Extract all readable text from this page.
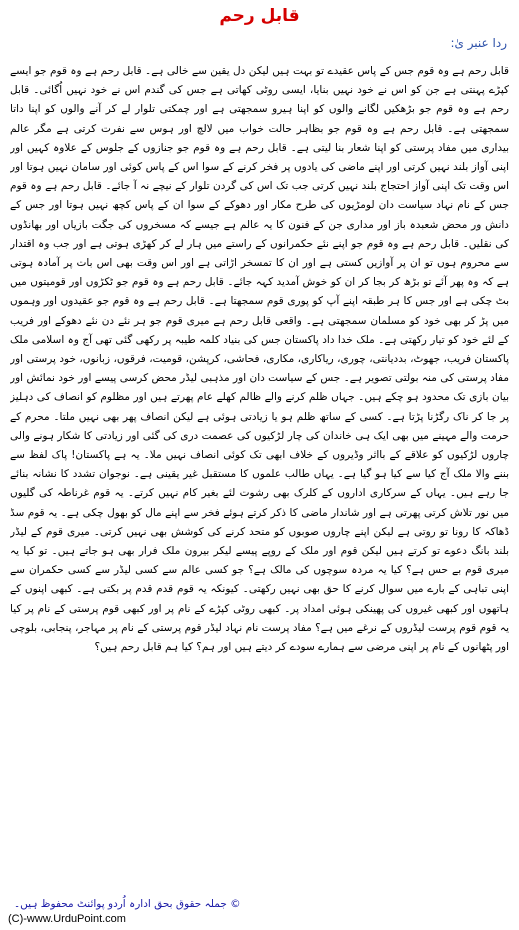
قابل رحم
ردا عنبر یٰ:

قابل رحم ہے وہ قوم جس کے پاس عقیدے تو بہت ہیں لیکن دل یقین سے خالی ہے۔ قابل رحم ہے وہ قوم جو ایسے کپڑے پہنتی ہے جن کو اس نے خود نہیں بنایا، ایسی روٹی کھاتی ہے جس کی گندم اس نے خود نہیں اُگائی۔ قابل رحم ہے وہ قوم جو بڑھکیں لگانے والوں کو اپنا ہیرو سمجھتی ہے اور چمکتی تلوار لے کر آنے والوں کو اپنا داتا سمجھتی ہے۔ قابل رحم ہے وہ قوم جو بظاہر حالت خواب میں لالچ اور ہوس سے نفرت کرتی ہے مگر عالم بیداری میں مفاد پرستی کو اپنا شعار بنا لیتی ہے۔ قابل رحم ہے وہ قوم جو جنازوں کے جلوس کے علاوہ کہیں اور اپنی آواز بلند نہیں کرتی اور اپنے ماضی کی یادوں پر فخر کرنے کے سوا اس کے پاس کوئی اور سامان نہیں ہوتا اور اس وقت تک اپنی آواز احتجاج بلند نہیں کرتی جب تک اس کی گردن تلوار کے نیچے نہ آ جائے۔ قابل رحم ہے وہ قوم جس کے نام نہاد سیاست دان لومڑیوں کی طرح مکار اور دھوکے کے سوا ان کے پاس کچھ نہیں ہوتا اور جس کے دانش ور محض شعبدہ باز اور مداری جن کے فنون کا یہ عالم ہے جیسے کہ مسخروں کی جگت بازیاں اور بھانڈوں کی نقلیں۔ قابل رحم ہے وہ قوم جو اپنے نئے حکمرانوں کے راستے میں ہار لے کر کھڑی ہوتی ہے اور جب وہ اقتدار سے محروم ہوں تو ان پر آوازیں کستی ہے اور ان کا تمسخر اڑاتی ہے اور اس وقت بھی اس بات پر آمادہ ہوتی ہے کہ وہ پھر آئے تو بڑھ کر بجا کر ان کو خوش آمدید کہہ جائے۔ قابل رحم ہے وہ قوم جو ٹکڑوں اور قومیتوں میں بٹ چکی ہے اور جس کا ہر طبقہ اپنے آپ کو پوری قوم سمجھتا ہے۔ قابل رحم ہے وہ قوم جو عقیدوں اور وہموں میں پڑ کر بھی خود کو مسلمان سمجھتی ہے۔ واقعی قابل رحم ہے میری قوم جو ہر نئے دن نئے دھوکے اور فریب کے لئے خود کو تیار رکھتی ہے۔ ملک خدا داد پاکستان جس کی بنیاد کلمہ طیبہ پر رکھی گئی تھی آج وہ اسلامی ملک پاکستان فریب، جھوٹ، بددیانتی، چوری، ریاکاری، مکاری، فحاشی، کرپشن، قومیت، فرقوں، زبانوں، خود پرستی اور مفاد پرستی کی منہ بولتی تصویر ہے۔ جس کے سیاست دان اور مذہبی لیڈر محض کرسی پیسے اور خود نمائش اور بیان بازی تک محدود ہو چکے ہیں۔ جہاں ظلم کرنے والے ظالم کھلے عام پھرتے ہیں اور مظلوم کو انصاف کی دہلیز پر جا کر ناک رگڑنا پڑتا ہے۔ کسی کے ساتھ ظلم ہو یا زیادتی ہوئی ہے لیکن انصاف پھر بھی نہیں ملتا۔ محرم کے حرمت والے مہینے میں بھی ایک ہی خاندان کی چار لڑکیوں کی عصمت دری کی گئی اور زیادتی کا شکار ہونے والی چاروں لڑکیوں کو علاقے کے بااثر وڈیروں کے خلاف ابھی تک کوئی انصاف نہیں ملا۔ یہ ہے پاکستان! پاک لفظ سے بننے والا ملک آج کیا سے کیا ہو گیا ہے۔ یہاں طالب علموں کا مستقبل غیر یقینی ہے۔ نوجوان تشدد کا نشانہ بنائے جا رہے ہیں۔ یہاں کے سرکاری اداروں کے کلرک بھی رشوت لئے بغیر کام نہیں کرتے۔ یہ قوم غرناطہ کی گلیوں میں نور تلاش کرتی پھرتی ہے اور شاندار ماضی کا ذکر کرتے ہوئے فخر سے اپنے مال کو بھول چکی ہے۔ یہ قوم سڈ ڈھاکہ کا رونا تو روتی ہے لیکن اپنے چاروں صوبوں کو متحد کرنے کی کوشش بھی نہیں کرتی۔ میری قوم کے لیڈر بلند بانگ دعوے تو کرتے ہیں لیکن قوم اور ملک کے روپے پیسے لیکر بیرون ملک فرار بھی ہو جاتے ہیں۔ تو کیا یہ میری قوم بے حس ہے؟ کیا یہ مردہ سوچوں کی مالک ہے؟ جو کسی عالم سے کسی لیڈر سے کسی حکمران سے اپنی تباہی کے بارے میں سوال کرنے کا حق بھی نہیں رکھتی۔ کیونکہ یہ قوم قدم قدم پر بکتی ہے۔ کبھی اپنوں کے ہاتھوں اور کبھی غیروں کی پھینکی ہوئی امداد پر۔ کبھی روٹی کپڑے کے نام پر اور کبھی قوم پرستی کے نام پر کیا یہ قوم قوم پرست لیڈروں کے نرغے میں ہے؟ مفاد پرست نام نہاد لیڈر قوم پرستی کے نام پر مہاجر، پنجابی، بلوچی اور پٹھانوں کے نام پر اپنی مرضی سے ہمارے سودے کر دیتے ہیں اور ہم؟ کیا ہم قابل رحم ہیں؟

© جملہ حقوق بحق ادارہ اُردو پوائنٹ محفوظ ہیں۔
(C)-www.UrduPoint.com
